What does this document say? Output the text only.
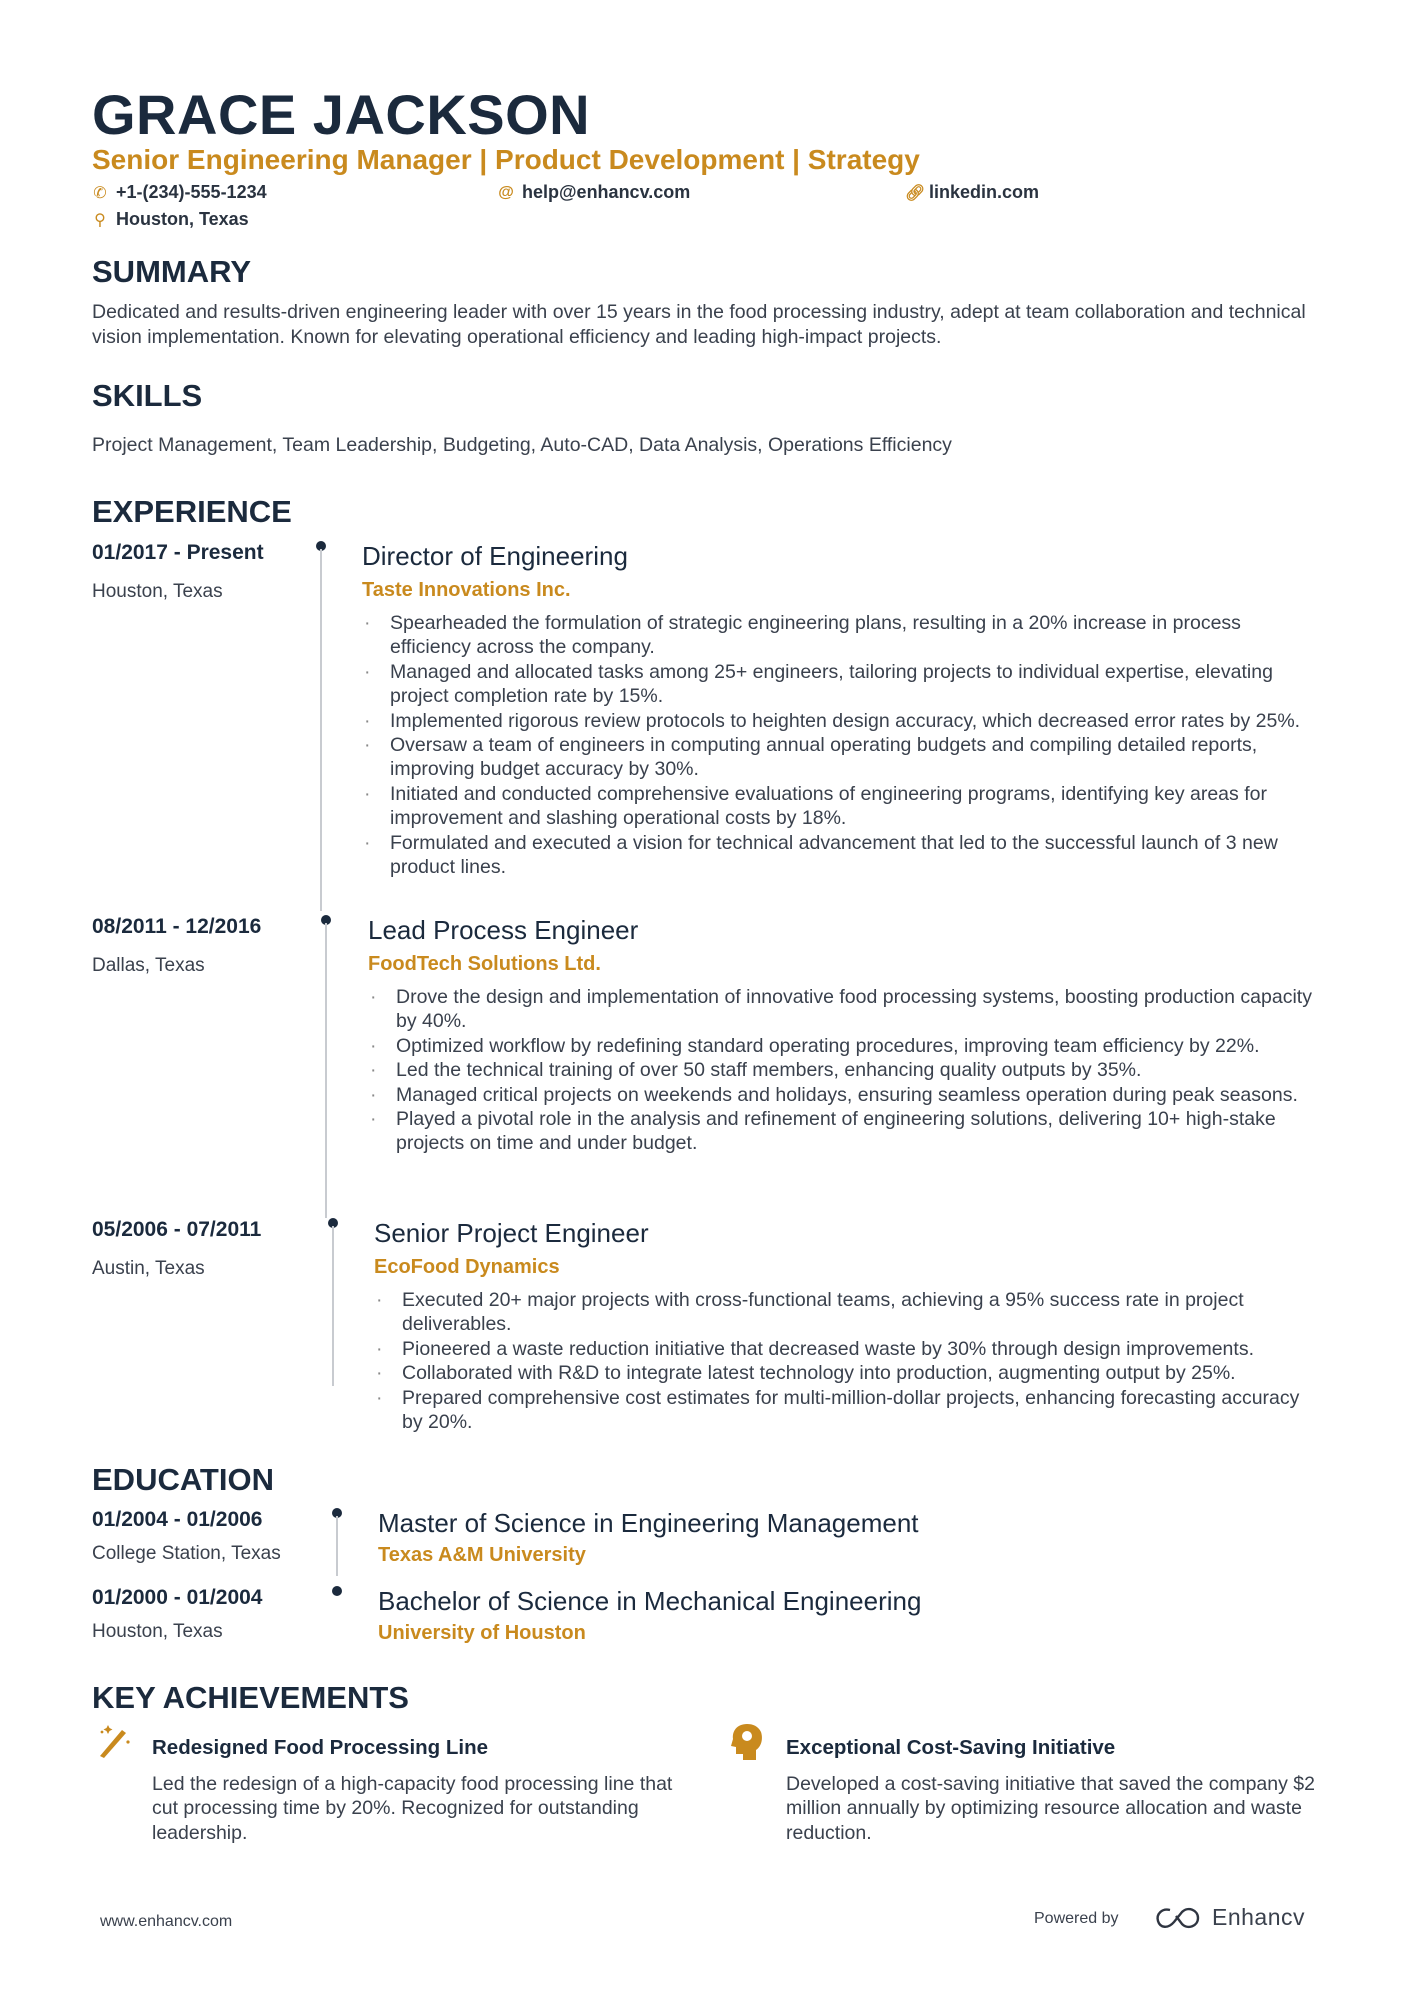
GRACE JACKSON
Senior Engineering Manager | Product Development | Strategy
✆ +1-(234)-555-1234	@ help@enhancv.com	🔗︎ linkedin.com
⚲ Houston, Texas
SUMMARY
Dedicated and results-driven engineering leader with over 15 years in the food processing industry, adept at team collaboration and technical vision implementation. Known for elevating operational efficiency and leading high-impact projects.
SKILLS
Project Management, Team Leadership, Budgeting, Auto-CAD, Data Analysis, Operations Efficiency
EXPERIENCE
01/2017 - Present
Houston, Texas
Director of Engineering
Taste Innovations Inc.
· Spearheaded the formulation of strategic engineering plans, resulting in a 20% increase in process efficiency across the company.
· Managed and allocated tasks among 25+ engineers, tailoring projects to individual expertise, elevating project completion rate by 15%.
· Implemented rigorous review protocols to heighten design accuracy, which decreased error rates by 25%.
· Oversaw a team of engineers in computing annual operating budgets and compiling detailed reports, improving budget accuracy by 30%.
· Initiated and conducted comprehensive evaluations of engineering programs, identifying key areas for improvement and slashing operational costs by 18%.
· Formulated and executed a vision for technical advancement that led to the successful launch of 3 new product lines.
08/2011 - 12/2016
Dallas, Texas
Lead Process Engineer
FoodTech Solutions Ltd.
· Drove the design and implementation of innovative food processing systems, boosting production capacity by 40%.
· Optimized workflow by redefining standard operating procedures, improving team efficiency by 22%.
· Led the technical training of over 50 staff members, enhancing quality outputs by 35%.
· Managed critical projects on weekends and holidays, ensuring seamless operation during peak seasons.
· Played a pivotal role in the analysis and refinement of engineering solutions, delivering 10+ high-stake projects on time and under budget.
05/2006 - 07/2011
Austin, Texas
Senior Project Engineer
EcoFood Dynamics
· Executed 20+ major projects with cross-functional teams, achieving a 95% success rate in project deliverables.
· Pioneered a waste reduction initiative that decreased waste by 30% through design improvements.
· Collaborated with R&D to integrate latest technology into production, augmenting output by 25%.
· Prepared comprehensive cost estimates for multi-million-dollar projects, enhancing forecasting accuracy by 20%.
EDUCATION
01/2004 - 01/2006
College Station, Texas
Master of Science in Engineering Management
Texas A&M University
01/2000 - 01/2004
Houston, Texas
Bachelor of Science in Mechanical Engineering
University of Houston
KEY ACHIEVEMENTS
Redesigned Food Processing Line
Led the redesign of a high-capacity food processing line that cut processing time by 20%. Recognized for outstanding leadership.
Exceptional Cost-Saving Initiative
Developed a cost-saving initiative that saved the company $2 million annually by optimizing resource allocation and waste reduction.
www.enhancv.com	Powered by	Enhancv
